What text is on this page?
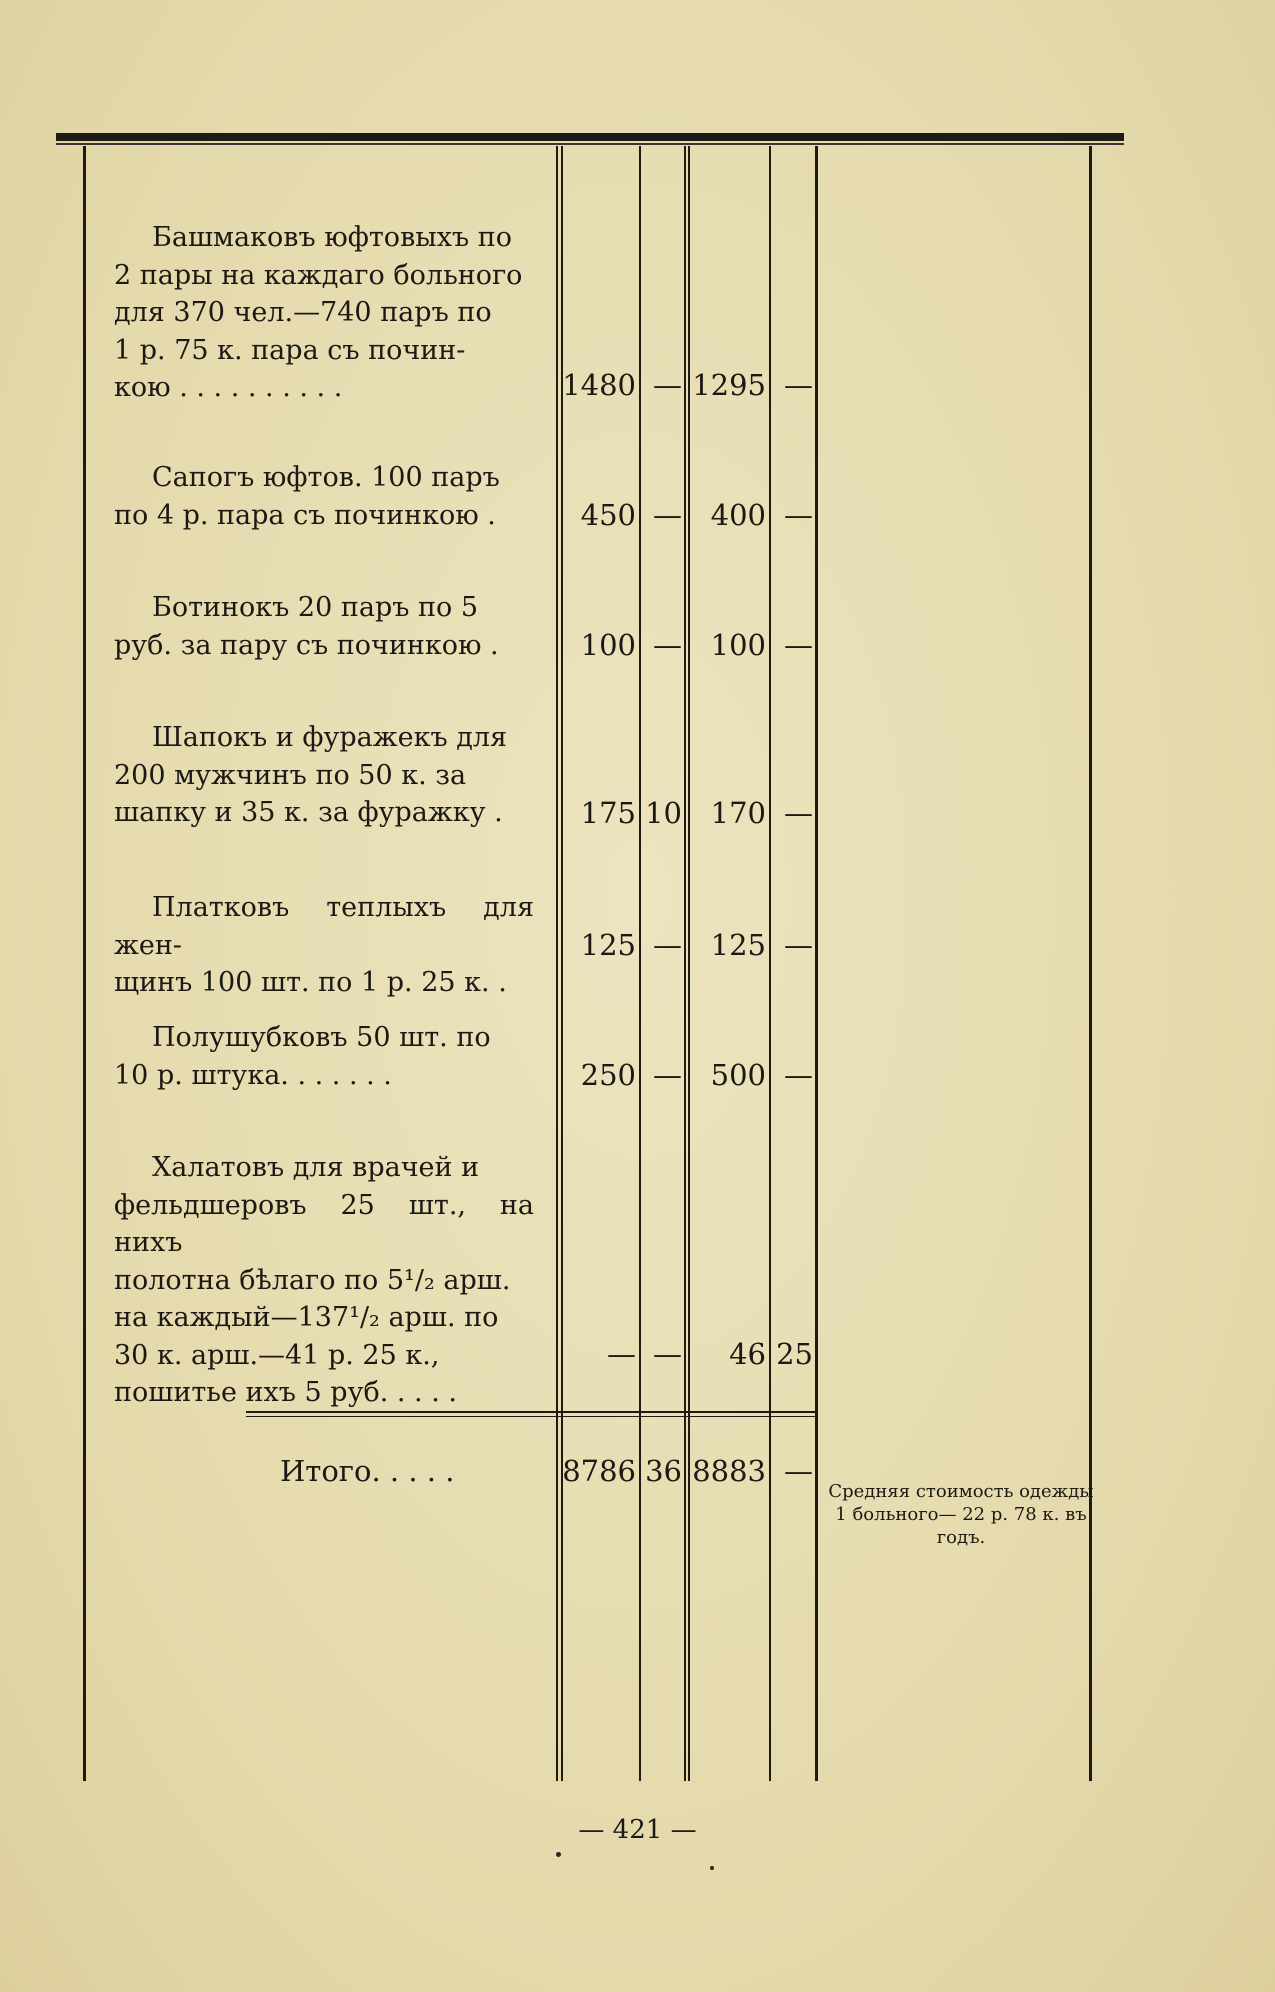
Башмаковъ юфтовыхъ по
2 пары на каждаго больного
для 370 чел.—740 паръ по
1 р. 75 к. пара съ почин-
кою . . . . . . . . . .	1480 — 1295 —
Сапогъ юфтов. 100 паръ
по 4 р. пара съ починкою .	450 — 400 —
Ботинокъ 20 паръ по 5
руб. за пару съ починкою .	100 — 100 —
Шапокъ и фуражекъ для
200 мужчинъ по 50 к. за
шапку и 35 к. за фуражку .	175 10 170 —
Платковъ теплыхъ для жен-
щинъ 100 шт. по 1 р. 25 к. .
125 — 125 —
Полушубковъ 50 шт. по
10 р. штука. . . . . . .	250 — 500 —
Халатовъ для врачей и
фельдшеровъ 25 шт., на нихъ
полотна бѣлаго по 5¹/₂ арш.
на каждый—137¹/₂ арш. по
30 к. арш.—41 р. 25 к.,
пошитье ихъ 5 руб. . . . .
— —	46 25
Итого. . . . .	8786 36 8883 —
Средняя стоимость одежды 1 больного— 22 р. 78 к. въ годъ.
— 421 —
